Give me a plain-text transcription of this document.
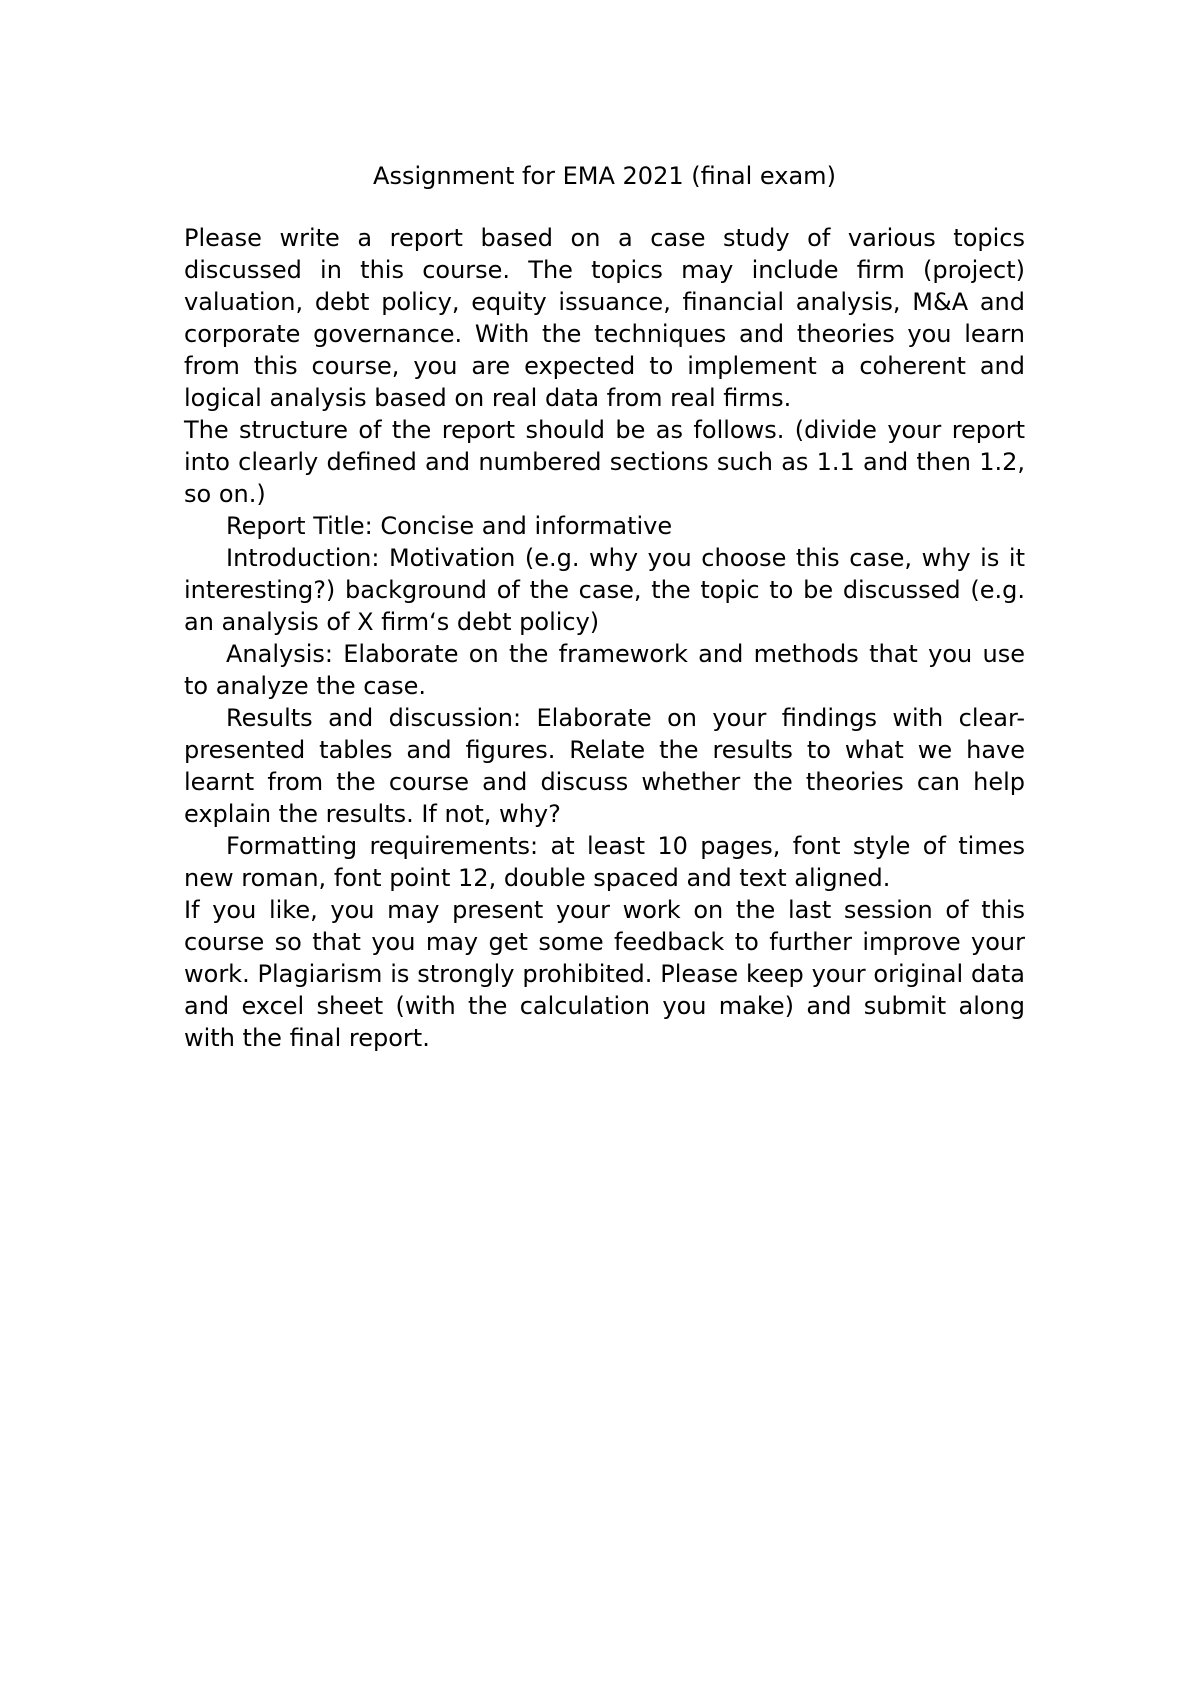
Assignment for EMA 2021 (final exam)

Please write a report based on a case study of various topics discussed in this course. The topics may include firm (project) valuation, debt policy, equity issuance, financial analysis, M&A and corporate governance. With the techniques and theories you learn from this course, you are expected to implement a coherent and logical analysis based on real data from real firms.

The structure of the report should be as follows. (divide your report into clearly defined and numbered sections such as 1.1 and then 1.2, so on.)

Report Title: Concise and informative

Introduction: Motivation (e.g. why you choose this case, why is it interesting?) background of the case, the topic to be discussed (e.g. an analysis of X firm‘s debt policy)

Analysis: Elaborate on the framework and methods that you use to analyze the case.

Results and discussion: Elaborate on your findings with clear-presented tables and figures. Relate the results to what we have learnt from the course and discuss whether the theories can help explain the results. If not, why?

Formatting requirements: at least 10 pages, font style of times new roman, font point 12, double spaced and text aligned.

If you like, you may present your work on the last session of this course so that you may get some feedback to further improve your work. Plagiarism is strongly prohibited. Please keep your original data and excel sheet (with the calculation you make) and submit along with the final report.
